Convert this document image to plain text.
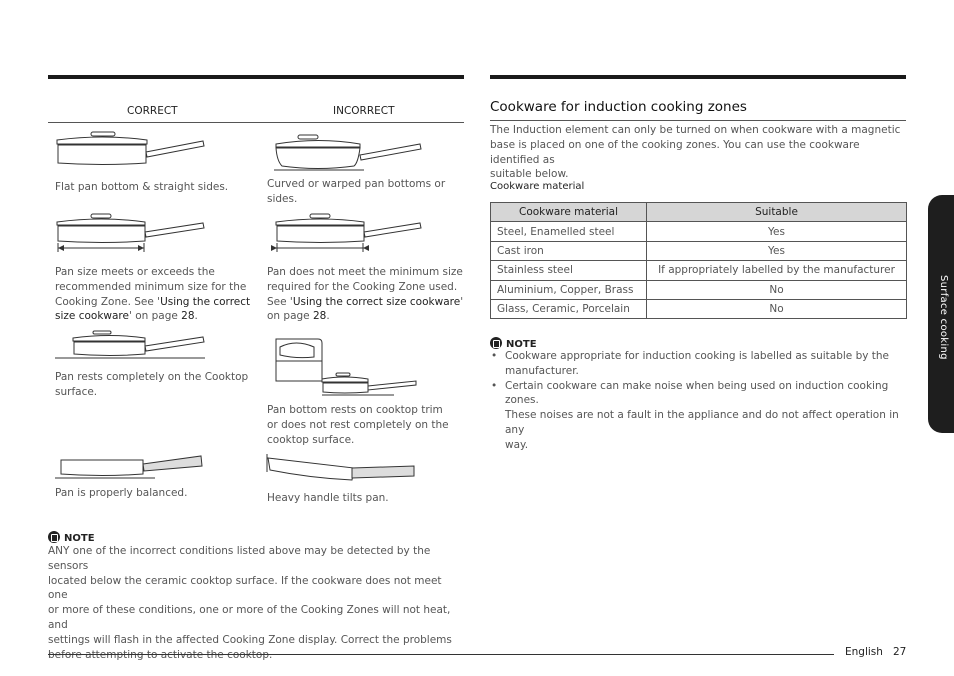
CORRECT	INCORRECT
Flat pan bottom & straight sides.	Curved or warped pan bottoms or
sides.
Pan size meets or exceeds the
recommended minimum size for the
Cooking Zone. See 'Using the correct
size cookware' on page 28.
Pan does not meet the minimum size
required for the Cooking Zone used.
See 'Using the correct size cookware'
on page 28.
Pan rests completely on the Cooktop
surface.
Pan bottom rests on cooktop trim
or does not rest completely on the
cooktop surface.
Pan is properly balanced.	Heavy handle tilts pan.
NOTE
ANY one of the incorrect conditions listed above may be detected by the sensors
located below the ceramic cooktop surface. If the cookware does not meet one
or more of these conditions, one or more of the Cooking Zones will not heat, and
settings will flash in the affected Cooking Zone display. Correct the problems
Cookware for induction cooking zones
The Induction element can only be turned on when cookware with a magnetic
base is placed on one of the cooking zones. You can use the cookware identified as
suitable below.
Cookware material
Cookware material	Suitable
Steel, Enamelled steel	Yes
Cast iron	Yes
Stainless steel	If appropriately labelled by the manufacturer
Aluminium, Copper, Brass	No
Glass, Ceramic, Porcelain	No
NOTE
• Cookware appropriate for induction cooking is labelled as suitable by the
manufacturer.
• Certain cookware can make noise when being used on induction cooking zones.
These noises are not a fault in the appliance and do not affect operation in any
way.
Surface cooking
English 27
